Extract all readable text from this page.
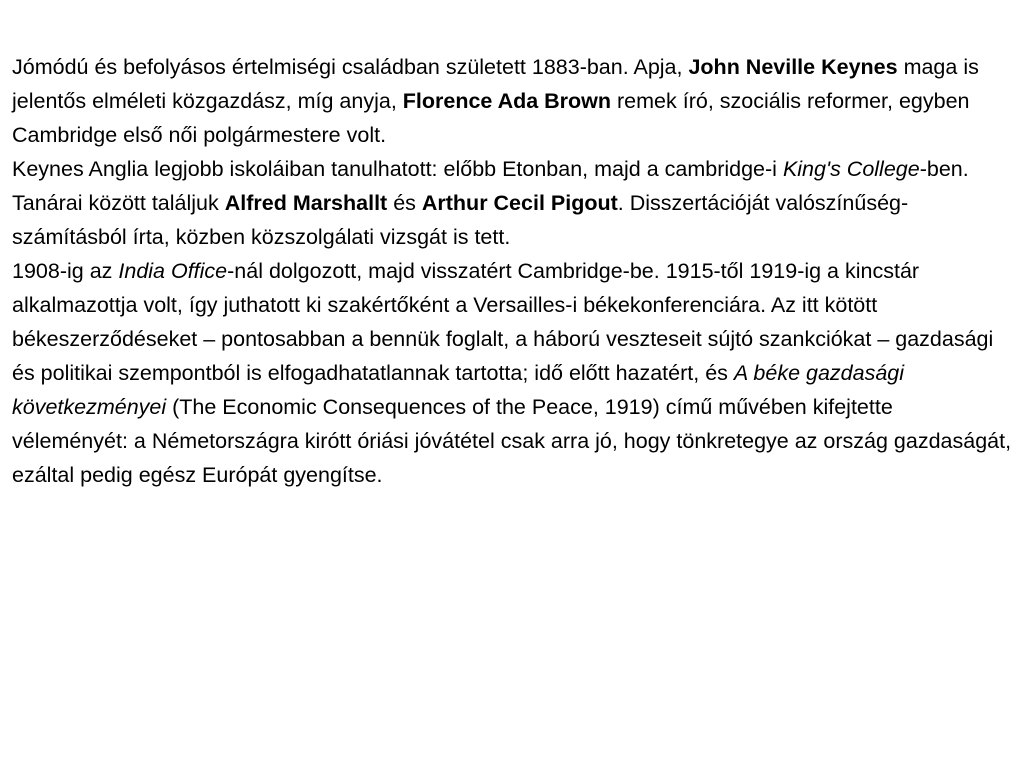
Jómódú és befolyásos értelmiségi családban született 1883-ban. Apja, John Neville Keynes maga is jelentős elméleti közgazdász, míg anyja, Florence Ada Brown remek író, szociális reformer, egyben Cambridge első női polgármestere volt.

Keynes Anglia legjobb iskoláiban tanulhatott: előbb Etonban, majd a cambridge-i King's College-ben. Tanárai között találjuk Alfred Marshallt és Arthur Cecil Pigout. Disszertációját valószínűség-számításból írta, közben közszolgálati vizsgát is tett.

1908-ig az India Office-nál dolgozott, majd visszatért Cambridge-be. 1915-től 1919-ig a kincstár alkalmazottja volt, így juthatott ki szakértőként a Versailles-i békekonferenciára. Az itt kötött békeszerződéseket – pontosabban a bennük foglalt, a háború veszteseit sújtó szankciókat – gazdasági és politikai szempontból is elfogadhatatlannak tartotta; idő előtt hazatért, és A béke gazdasági következményei (The Economic Consequences of the Peace, 1919) című művében kifejtette véleményét: a Németországra kirótt óriási jóvátétel csak arra jó, hogy tönkretegye az ország gazdaságát, ezáltal pedig egész Európát gyengítse.
